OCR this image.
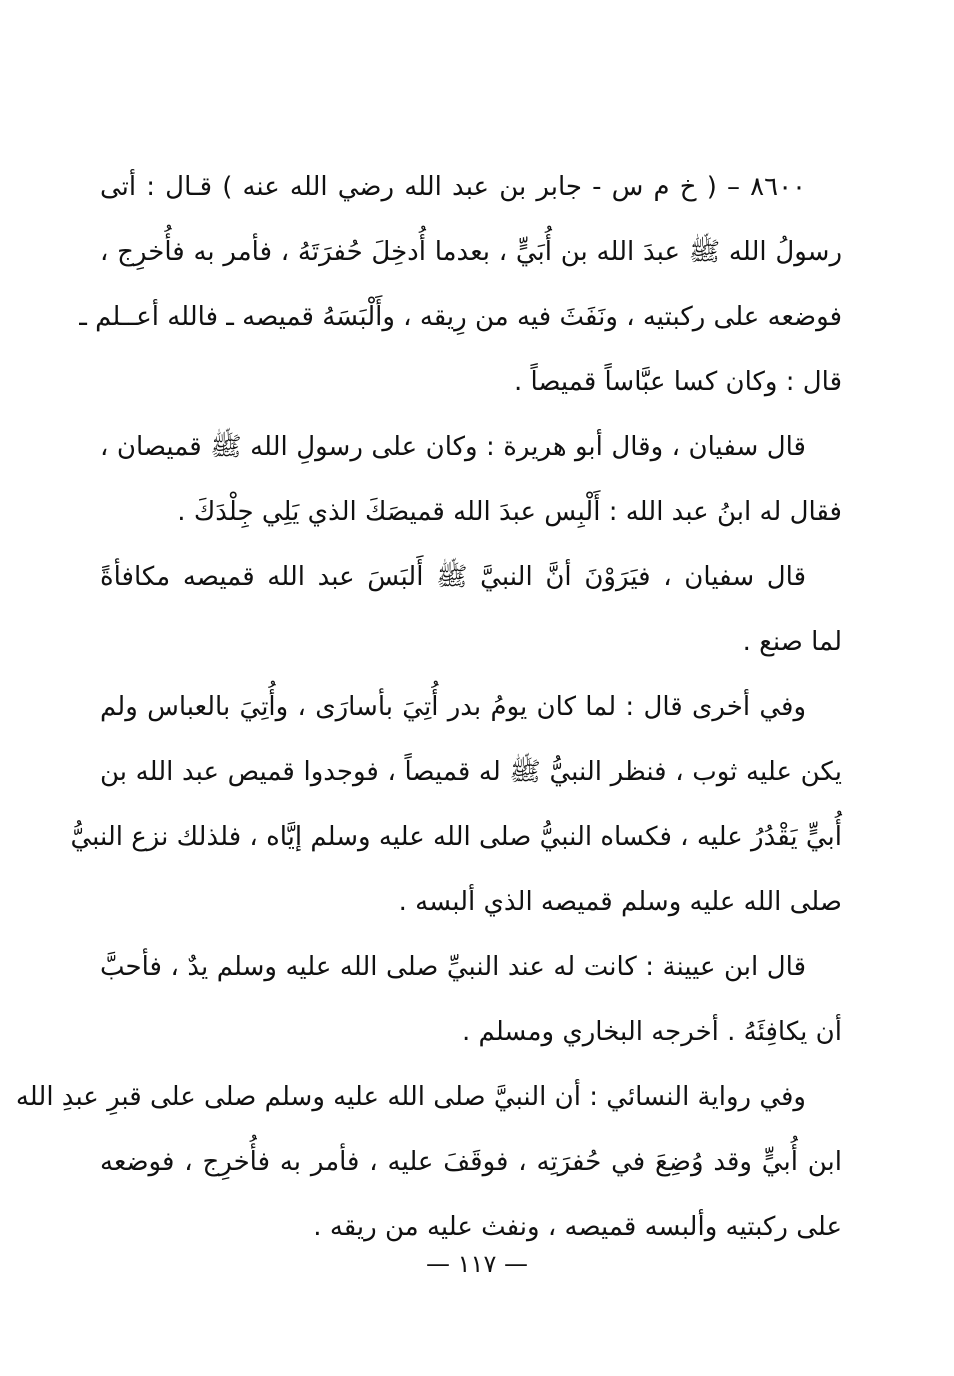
٨٦٠٠ – ( خ م س - جابر بن عبد الله رضي الله عنه ) قـال : أتى
رسولُ الله ﷺ عبدَ الله بن أُبَيٍّ ، بعدما أُدخِلَ حُفرَتَهُ ، فأمر به فأُخرِج ،
فوضعه على ركبتيه ، ونَفَثَ فيه من رِيقه ، وأَلْبَسَهُ قميصه ـ فالله أعــلم ـ
قال : وكان كسا عبَّاساً قميصاً .
قال سفيان ، وقال أبو هريرة : وكان على رسولِ الله ﷺ قميصان ،
فقال له ابنُ عبد الله : أَلْبِس عبدَ الله قميصَكَ الذي يَلِي جِلْدَكَ .
قال سفيان ، فيَرَوْنَ أنَّ النبيَّ ﷺ أَلبَسَ عبد الله قميصه مكافأةً
لما صنع .
وفي أخرى قال : لما كان يومُ بدر أُتِيَ بأسارَى ، وأُتِيَ بالعباس ولم
يكن عليه ثوب ، فنظر النبيُّ ﷺ له قميصاً ، فوجدوا قميص عبد الله بن
أُبيٍّ يَقْدُرُ عليه ، فكساه النبيُّ صلى الله عليه وسلم إيَّاه ، فلذلك نزع النبيُّ
صلى الله عليه وسلم قميصه الذي ألبسه .
قال ابن عيينة : كانت له عند النبيِّ صلى الله عليه وسلم يدٌ ، فأحبَّ
أن يكافِئَهُ . أخرجه البخاري ومسلم .
وفي رواية النسائي : أن النبيَّ صلى الله عليه وسلم صلى على قبرِ عبدِ الله
ابن أُبيٍّ وقد وُضِعَ في حُفرَتِه ، فوقَفَ عليه ، فأمر به فأُخرِج ، فوضعه
على ركبتيه وألبسه قميصه ، ونفث عليه من ريقه .
— ١١٧ —
